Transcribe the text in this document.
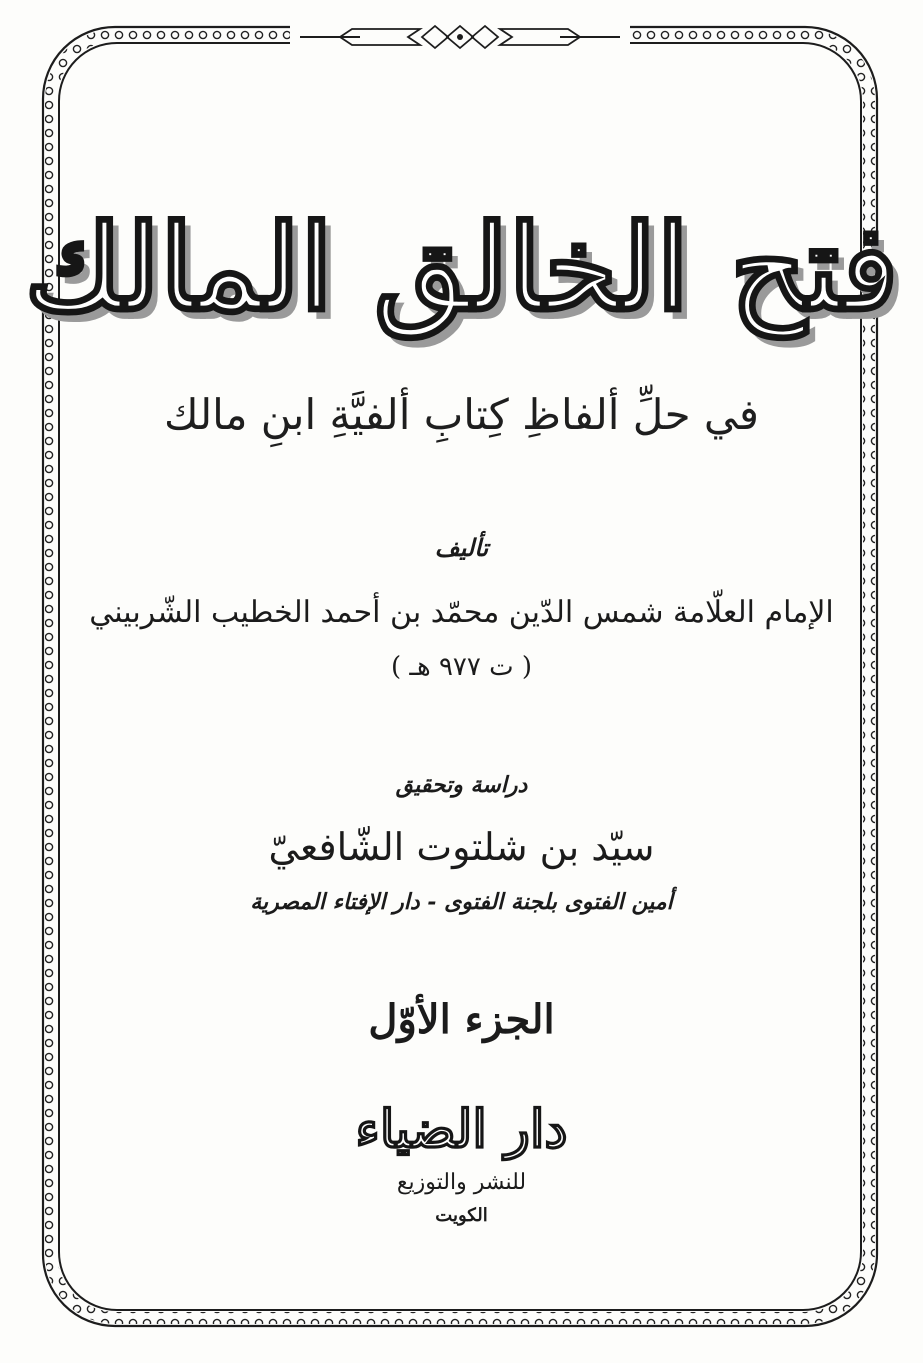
فتح الخالق المالك
في حلِّ ألفاظِ كِتابِ ألفيَّةِ ابنِ مالك
تأليف
الإمام العلّامة شمس الدّين محمّد بن أحمد الخطيب الشّربيني
( ت ٩٧٧ هـ )
دراسة وتحقيق
سيّد بن شلتوت الشّافعيّ
أمين الفتوى بلجنة الفتوى - دار الإفتاء المصرية
الجزء الأوّل
دار الضياء
للنشر والتوزيع
الكويت
